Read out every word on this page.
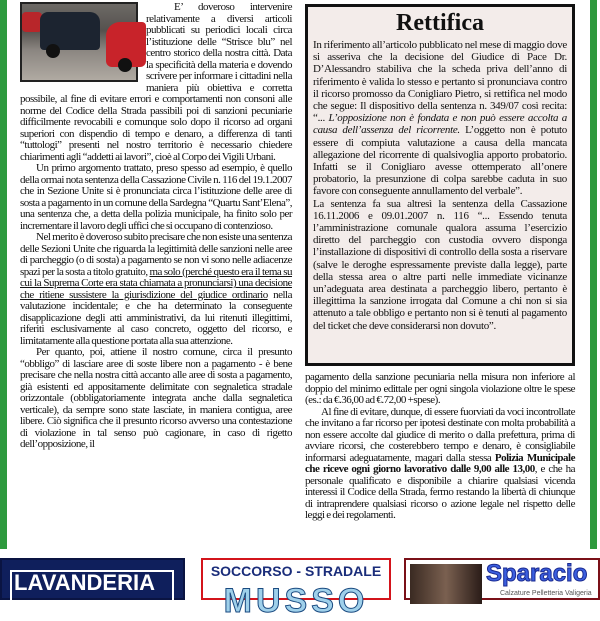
E’ doveroso intervenire relativamente a diversi articoli pubblicati su periodici locali circa l’istituzione delle “Strisce blu” nel centro storico della nostra città. Data la specificità della materia e dovendo scrivere per informare i cittadini nella maniera più obiettiva e corretta possibile, al fine di evitare errori e comportamenti non consoni alle norme del Codice della Strada passibili poi di sanzioni pecuniarie difficilmente revocabili e comunque solo dopo il ricorso ad organi superiori con dispendio di tempo e denaro, a differenza di tanti “tuttologi” presenti nel nostro territorio è necessario chiedere chiarimenti agli “addetti ai lavori”, cioè al Corpo dei Vigili Urbani.

Un primo argomento trattato, preso spesso ad esempio, è quello della ormai nota sentenza della Cassazione Civile n. 116 del 19.1.2007 che in Sezione Unite si è pronunciata circa l’istituzione delle aree di sosta a pagamento in un comune della Sardegna “Quartu Sant’Elena”, una sentenza che, a detta della polizia municipale, ha finito solo per incrementare il lavoro degli uffici che si occupano di contenzioso.

Nel merito è doveroso subito precisare che non esiste una sentenza delle Sezioni Unite che riguarda la legittimità delle sanzioni nelle aree di parcheggio (o di sosta) a pagamento se non vi sono nelle adiacenze spazi per la sosta a titolo gratuito, ma solo (perché questo era il tema su cui la Suprema Corte era stata chiamata a pronunciarsi) una decisione che ritiene sussistere la giurisdizione del giudice ordinario nella valutazione incidentale; e che ha determinato la conseguente disapplicazione degli atti amministrativi, da lui ritenuti illegittimi, riferiti esclusivamente al caso concreto, oggetto del ricorso, e limitatamente alla questione portata alla sua attenzione.

Per quanto, poi, attiene il nostro comune, circa il presunto “obbligo” di lasciare aree di soste libere non a pagamento - è bene precisare che nella nostra città accanto alle aree di sosta a pagamento, già esistenti ed appositamente delimitate con segnaletica stradale orizzontale (obbligatoriamente integrata anche dalla segnaletica verticale), da sempre sono state lasciate, in maniera contigua, aree libere. Ciò significa che il presunto ricorso avverso una contestazione di violazione in tal senso può cagionare, in caso di rigetto dell’opposizione, il

Rettifica

In riferimento all’articolo pubblicato nel mese di maggio dove si asseriva che la decisione del Giudice di Pace Dr. D’Alessandro stabiliva che la scheda priva dell’anno di riferimento è valida lo stesso e pertanto si pronunciava contro il ricorso promosso da Conigliaro Pietro, si rettifica nel modo che segue: Il dispositivo della sentenza n. 349/07 così recita: “... L’opposizione non è fondata e non può essere accolta a causa dell’assenza del ricorrente. L’oggetto non è potuto essere di compiuta valutazione a causa della mancata allegazione del ricorrente di qualsivoglia apporto probatorio. Infatti se il Conigliaro avesse ottemperato all’onere probatorio, la presunzione di colpa sarebbe caduta in suo favore con conseguente annullamento del verbale”.

La sentenza fa sua altresì la sentenza della Cassazione 16.11.2006 e 09.01.2007 n. 116 “... Essendo tenuta l’amministrazione comunale qualora assuma l’esercizio diretto del parcheggio con custodia ovvero disponga l’installazione di dispositivi di controllo della sosta a riservare (salve le deroghe espressamente previste dalla legge), parte della stessa area o altre parti nelle immediate vicinanze un’adeguata area destinata a parcheggio libero, pertanto è illegittima la sanzione irrogata dal Comune a chi non si sia attenuto a tale obbligo e pertanto non si è tenuti al pagamento del ticket che deve considerarsi non dovuto”.

pagamento della sanzione pecuniaria nella misura non inferiore al doppio del minimo edittale per ogni singola violazione oltre le spese (es.: da €.36,00 ad €.72,00 +spese).

Al fine di evitare, dunque, di essere fuorviati da voci incontrollate che invitano a far ricorso per ipotesi destinate con molta probabilità a non essere accolte dal giudice di merito o dalla prefettura, prima di avviare ricorsi, che costerebbero tempo e denaro, è consigliabile informarsi adeguatamente, magari dalla stessa Polizia Municipale che riceve ogni giorno lavorativo dalle 9,00 alle 13,00, e che ha personale qualificato e disponibile a chiarire qualsiasi vicenda interessi il Codice della Strada, fermo restando la libertà di chiunque di intraprendere qualsiasi ricorso o azione legale nel rispetto delle leggi e dei regolamenti.

LAVANDERIA	SOCCORSO - STRADALE
MUSSO
Sparacio
Calzature Pelletteria Valigeria
